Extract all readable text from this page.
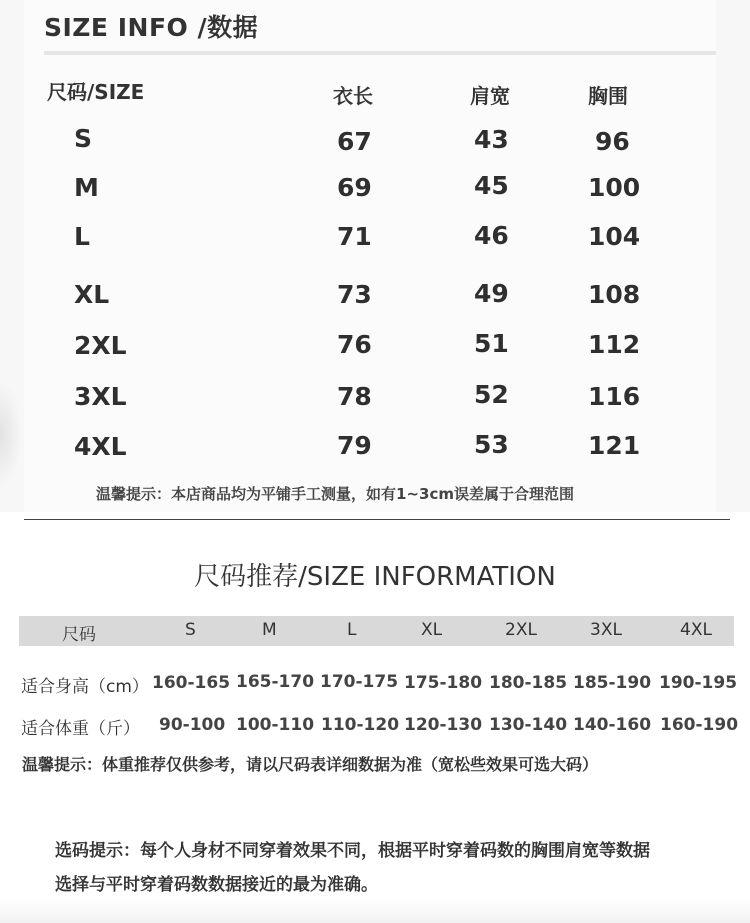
SIZE INFO /数据
尺码/SIZE	衣长	肩宽	胸围
S	67	43	96
M	69	45	100
L	71	46	104
XL	73	49	108
2XL	76	51	112
3XL	78	52	116
4XL	79	53	121
温馨提示：本店商品均为平铺手工测量，如有1~3cm误差属于合理范围
尺码推荐/SIZE INFORMATION
尺码	S	M	L	XL	2XL	3XL	4XL
适合身高（cm） 160-165 165-170 170-175 175-180 180-185 185-190 190-195
适合体重（斤） 90-100 100-110 110-120 120-130 130-140 140-160 160-190
温馨提示：体重推荐仅供参考，请以尺码表详细数据为准（宽松些效果可选大码）
选码提示：每个人身材不同穿着效果不同，根据平时穿着码数的胸围肩宽等数据
选择与平时穿着码数数据接近的最为准确。
